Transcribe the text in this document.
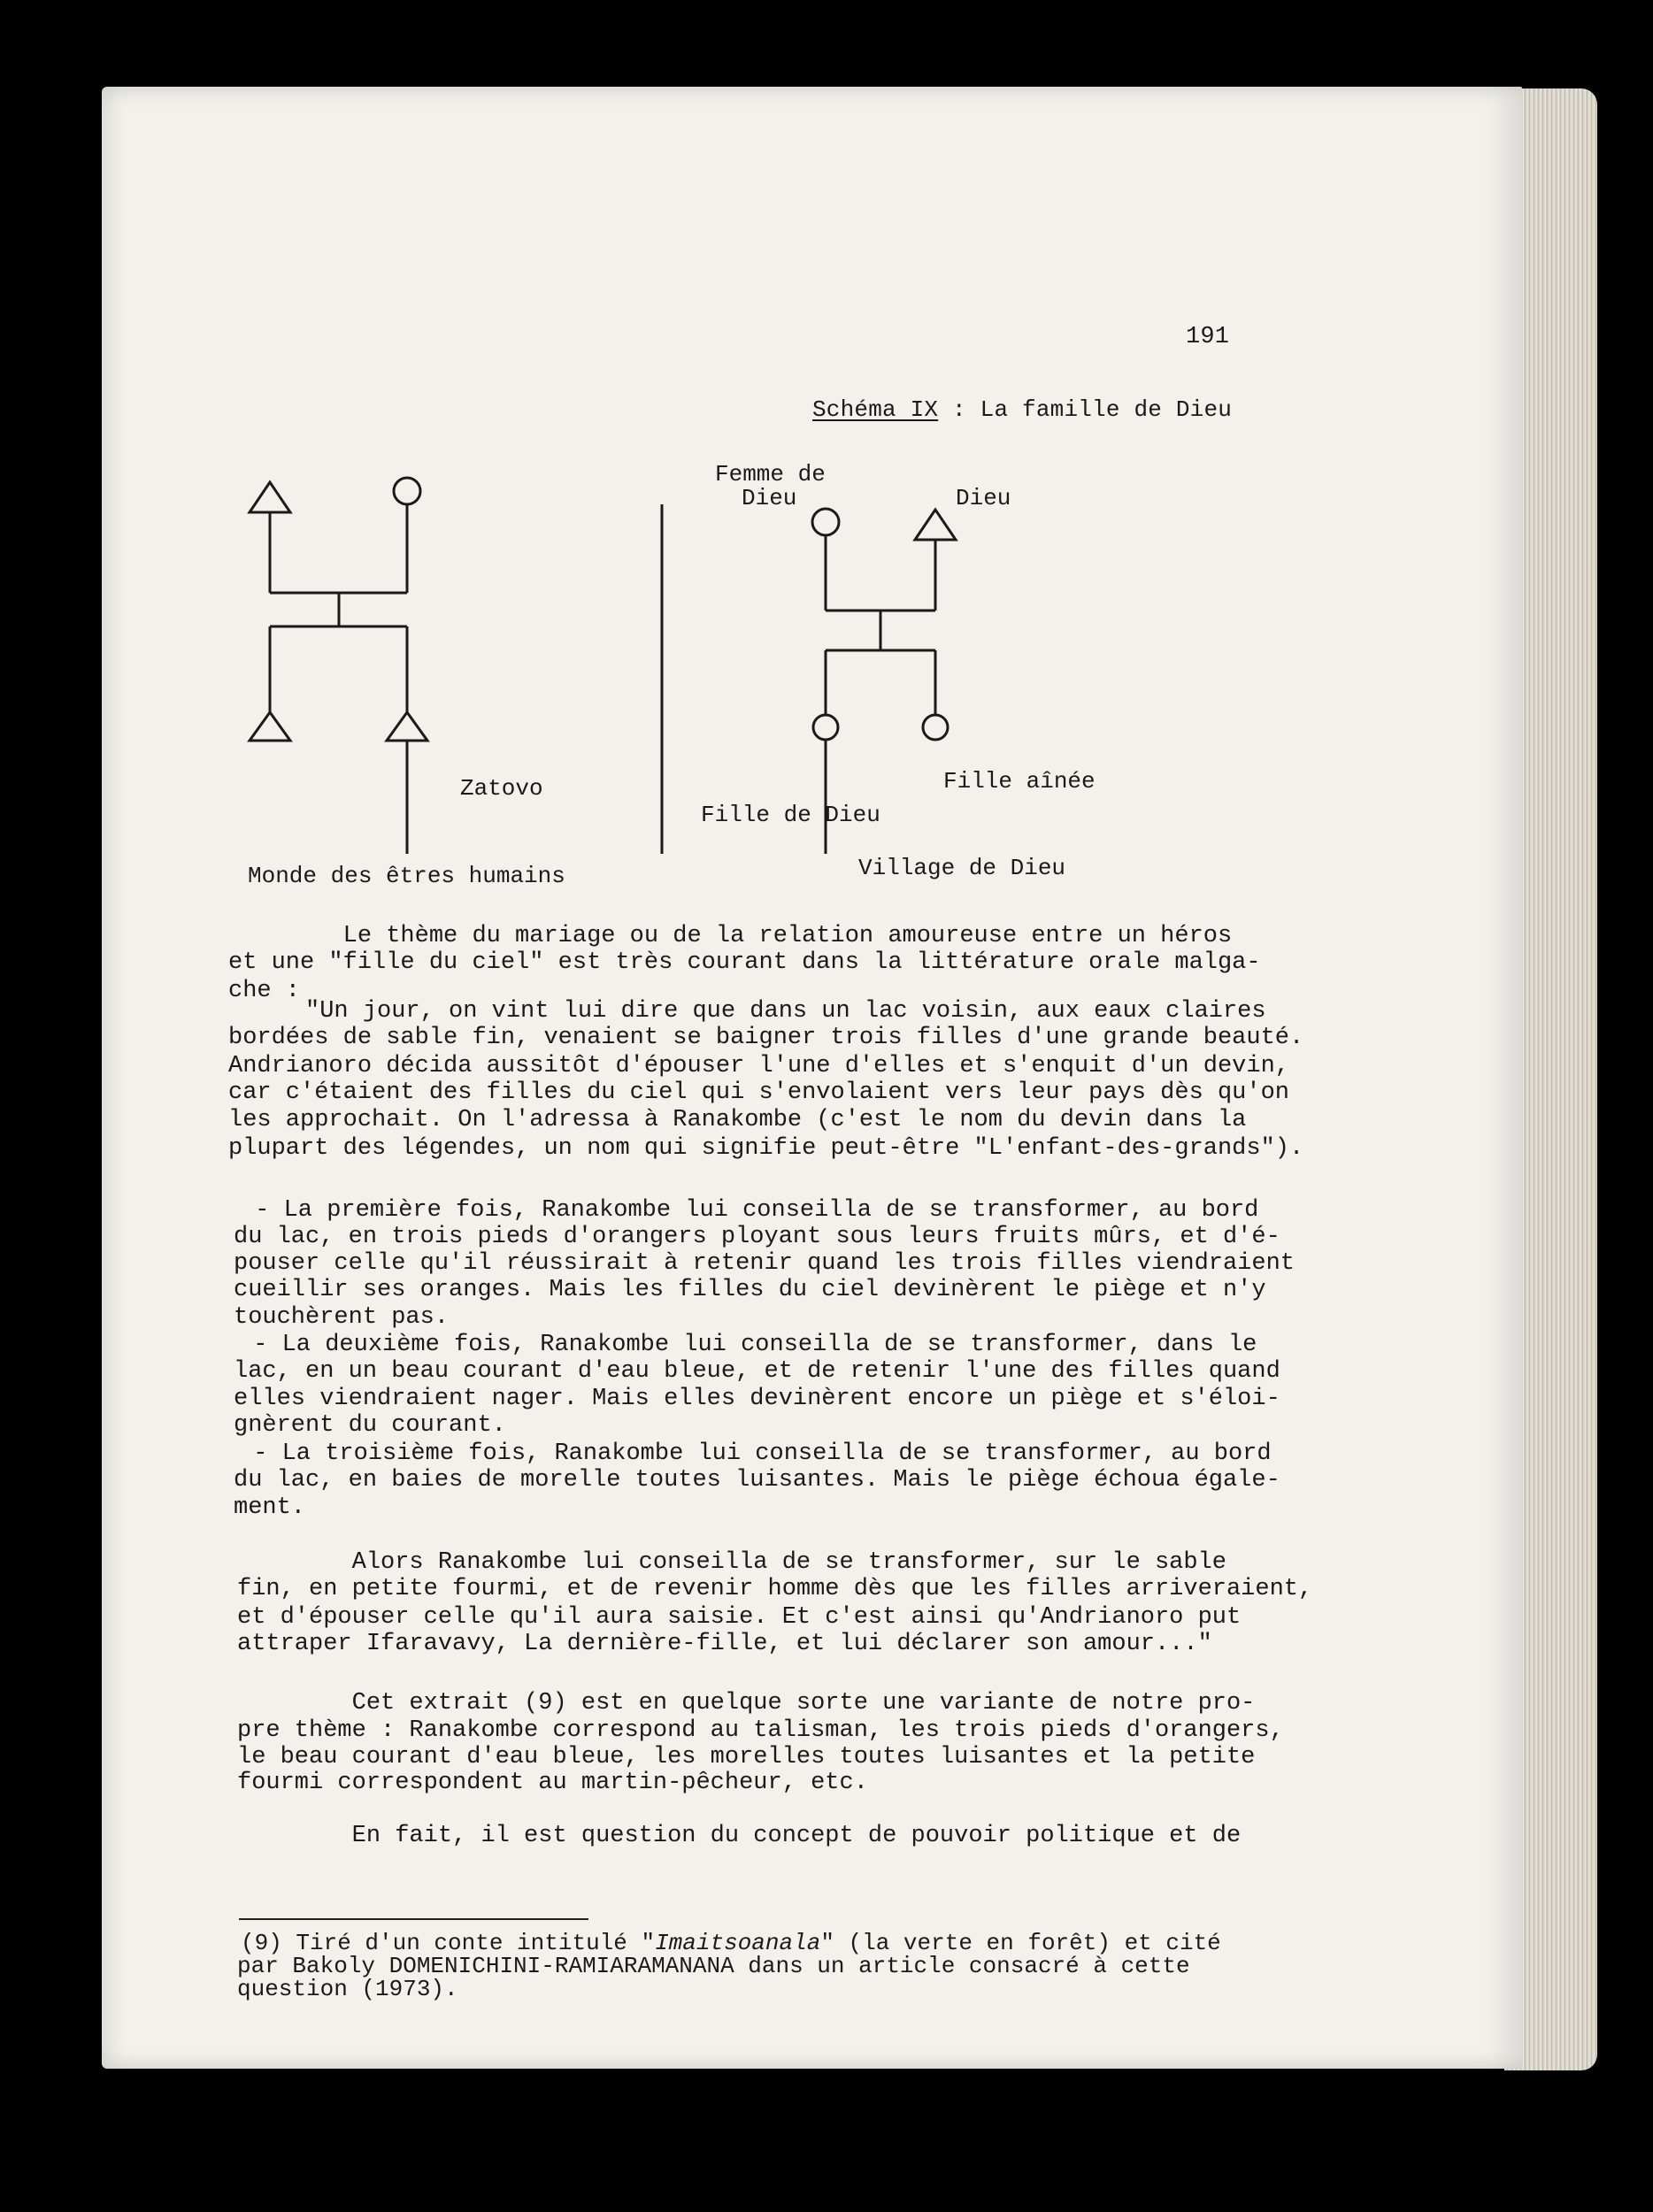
191
Schéma IX : La famille de Dieu
Femme de
Dieu	Dieu
Zatovo	Fille aînée
Fille de Dieu
Village de Dieu
Monde des êtres humains
Le thème du mariage ou de la relation amoureuse entre un héros
et une "fille du ciel" est très courant dans la littérature orale malga-
che :
"Un jour, on vint lui dire que dans un lac voisin, aux eaux claires
bordées de sable fin, venaient se baigner trois filles d'une grande beauté.
Andrianoro décida aussitôt d'épouser l'une d'elles et s'enquit d'un devin,
car c'étaient des filles du ciel qui s'envolaient vers leur pays dès qu'on
les approchait. On l'adressa à Ranakombe (c'est le nom du devin dans la
plupart des légendes, un nom qui signifie peut-être "L'enfant-des-grands").
- La première fois, Ranakombe lui conseilla de se transformer, au bord
du lac, en trois pieds d'orangers ployant sous leurs fruits mûrs, et d'é-
pouser celle qu'il réussirait à retenir quand les trois filles viendraient
cueillir ses oranges. Mais les filles du ciel devinèrent le piège et n'y
touchèrent pas.
- La deuxième fois, Ranakombe lui conseilla de se transformer, dans le
lac, en un beau courant d'eau bleue, et de retenir l'une des filles quand
elles viendraient nager. Mais elles devinèrent encore un piège et s'éloi-
gnèrent du courant.
- La troisième fois, Ranakombe lui conseilla de se transformer, au bord
du lac, en baies de morelle toutes luisantes. Mais le piège échoua égale-
ment.
Alors Ranakombe lui conseilla de se transformer, sur le sable
fin, en petite fourmi, et de revenir homme dès que les filles arriveraient,
et d'épouser celle qu'il aura saisie. Et c'est ainsi qu'Andrianoro put
attraper Ifaravavy, La dernière-fille, et lui déclarer son amour..."
Cet extrait (9) est en quelque sorte une variante de notre pro-
pre thème : Ranakombe correspond au talisman, les trois pieds d'orangers,
le beau courant d'eau bleue, les morelles toutes luisantes et la petite
fourmi correspondent au martin-pêcheur, etc.
En fait, il est question du concept de pouvoir politique et de
(9) Tiré d'un conte intitulé "Imaitsoanala" (la verte en forêt) et cité
par Bakoly DOMENICHINI-RAMIARAMANANA dans un article consacré à cette
question (1973).
